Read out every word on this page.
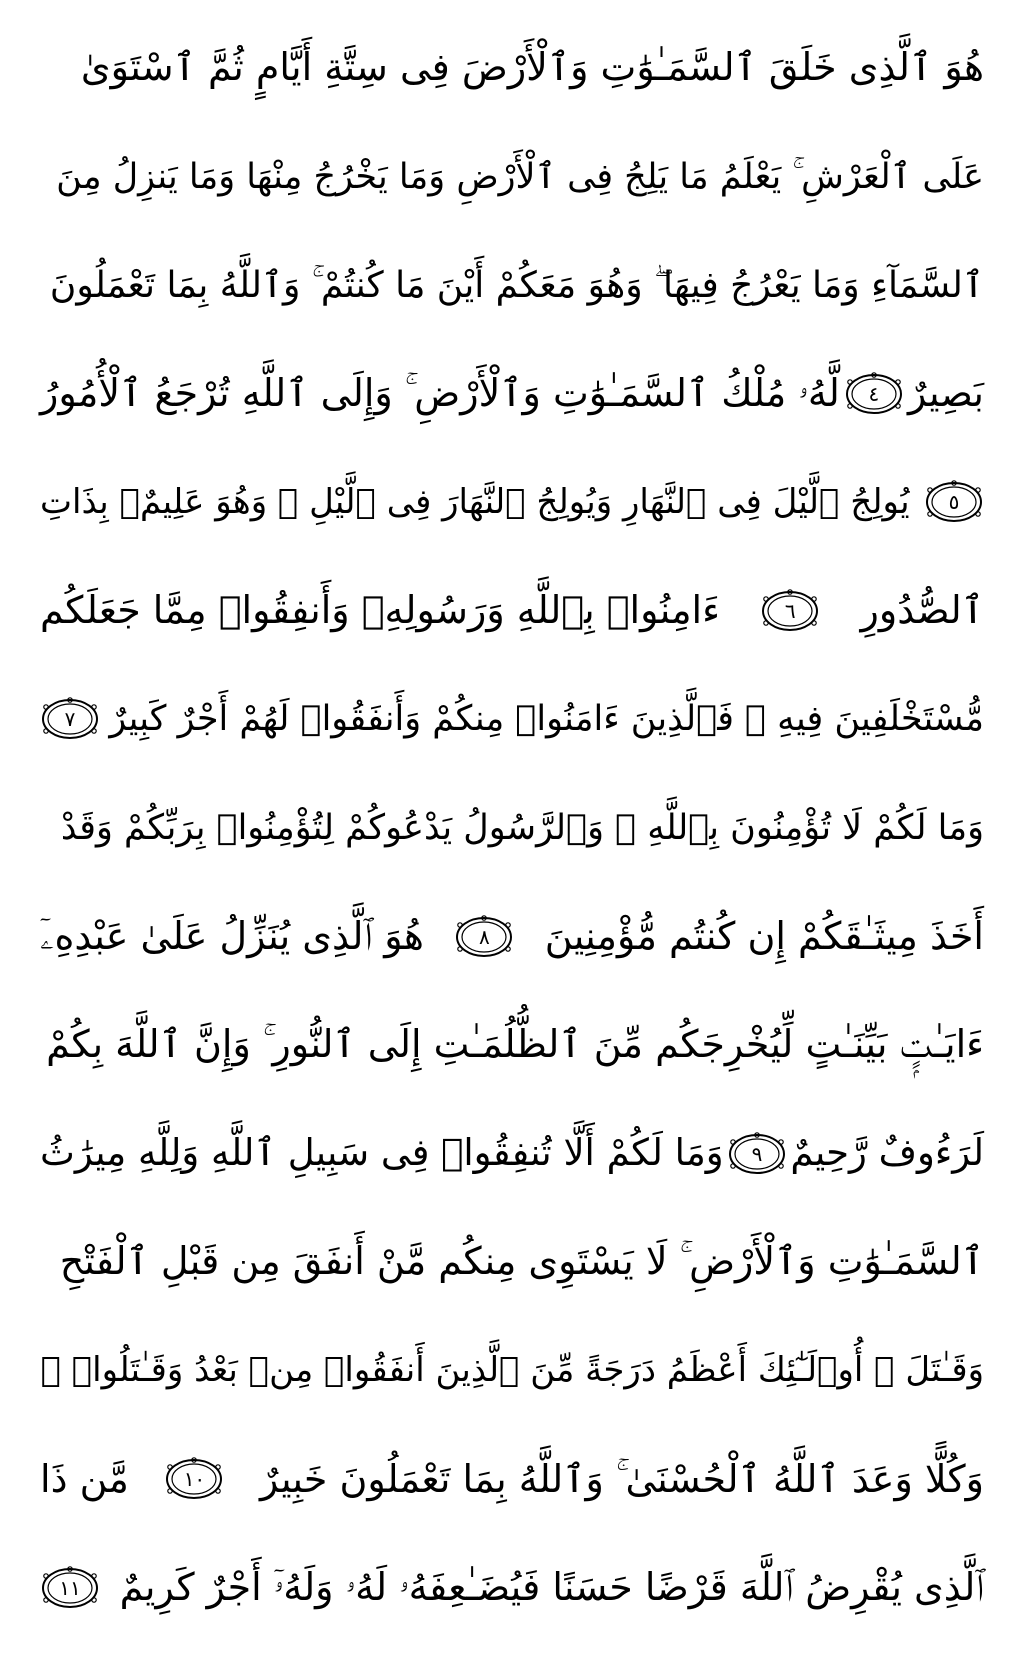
هُوَ ٱلَّذِى خَلَقَ ٱلسَّمَـٰوَٰتِ وَٱلْأَرْضَ فِى سِتَّةِ أَيَّامٍ ثُمَّ ٱسْتَوَىٰ
عَلَى ٱلْعَرْشِ ۚ يَعْلَمُ مَا يَلِجُ فِى ٱلْأَرْضِ وَمَا يَخْرُجُ مِنْهَا وَمَا يَنزِلُ مِنَ
ٱلسَّمَآءِ وَمَا يَعْرُجُ فِيهَا ۖ وَهُوَ مَعَكُمْ أَيْنَ مَا كُنتُمْ ۚ وَٱللَّهُ بِمَا تَعْمَلُونَ
بَصِيرٌ
٤
لَّهُۥ مُلْكُ ٱلسَّمَـٰوَٰتِ وَٱلْأَرْضِ ۚ وَإِلَى ٱللَّهِ تُرْجَعُ ٱلْأُمُورُ
٥
يُولِجُ ٱلَّيْلَ فِى ٱلنَّهَارِ وَيُولِجُ ٱلنَّهَارَ فِى ٱلَّيْلِ ۚ وَهُوَ عَلِيمٌۢ بِذَاتِ
ٱلصُّدُورِ
٦
ءَامِنُوا۟ بِٱللَّهِ وَرَسُولِهِۦ وَأَنفِقُوا۟ مِمَّا جَعَلَكُم
مُّسْتَخْلَفِينَ فِيهِ ۖ فَٱلَّذِينَ ءَامَنُوا۟ مِنكُمْ وَأَنفَقُوا۟ لَهُمْ أَجْرٌ كَبِيرٌ
٧
وَمَا لَكُمْ لَا تُؤْمِنُونَ بِٱللَّهِ ۙ وَٱلرَّسُولُ يَدْعُوكُمْ لِتُؤْمِنُوا۟ بِرَبِّكُمْ وَقَدْ
أَخَذَ مِيثَـٰقَكُمْ إِن كُنتُم مُّؤْمِنِينَ
٨
هُوَ ٱلَّذِى يُنَزِّلُ عَلَىٰ عَبْدِهِۦٓ
ءَايَـٰتٍۭ بَيِّنَـٰتٍ لِّيُخْرِجَكُم مِّنَ ٱلظُّلُمَـٰتِ إِلَى ٱلنُّورِ ۚ وَإِنَّ ٱللَّهَ بِكُمْ
لَرَءُوفٌ رَّحِيمٌ
٩
وَمَا لَكُمْ أَلَّا تُنفِقُوا۟ فِى سَبِيلِ ٱللَّهِ وَلِلَّهِ مِيرَٰثُ
ٱلسَّمَـٰوَٰتِ وَٱلْأَرْضِ ۚ لَا يَسْتَوِى مِنكُم مَّنْ أَنفَقَ مِن قَبْلِ ٱلْفَتْحِ
وَقَـٰتَلَ ۚ أُو۟لَـٰٓئِكَ أَعْظَمُ دَرَجَةً مِّنَ ٱلَّذِينَ أَنفَقُوا۟ مِنۢ بَعْدُ وَقَـٰتَلُوا۟ ۚ
وَكُلًّا وَعَدَ ٱللَّهُ ٱلْحُسْنَىٰ ۚ وَٱللَّهُ بِمَا تَعْمَلُونَ خَبِيرٌ
١٠
مَّن ذَا
ٱلَّذِى يُقْرِضُ ٱللَّهَ قَرْضًا حَسَنًا فَيُضَـٰعِفَهُۥ لَهُۥ وَلَهُۥٓ أَجْرٌ كَرِيمٌ
١١
